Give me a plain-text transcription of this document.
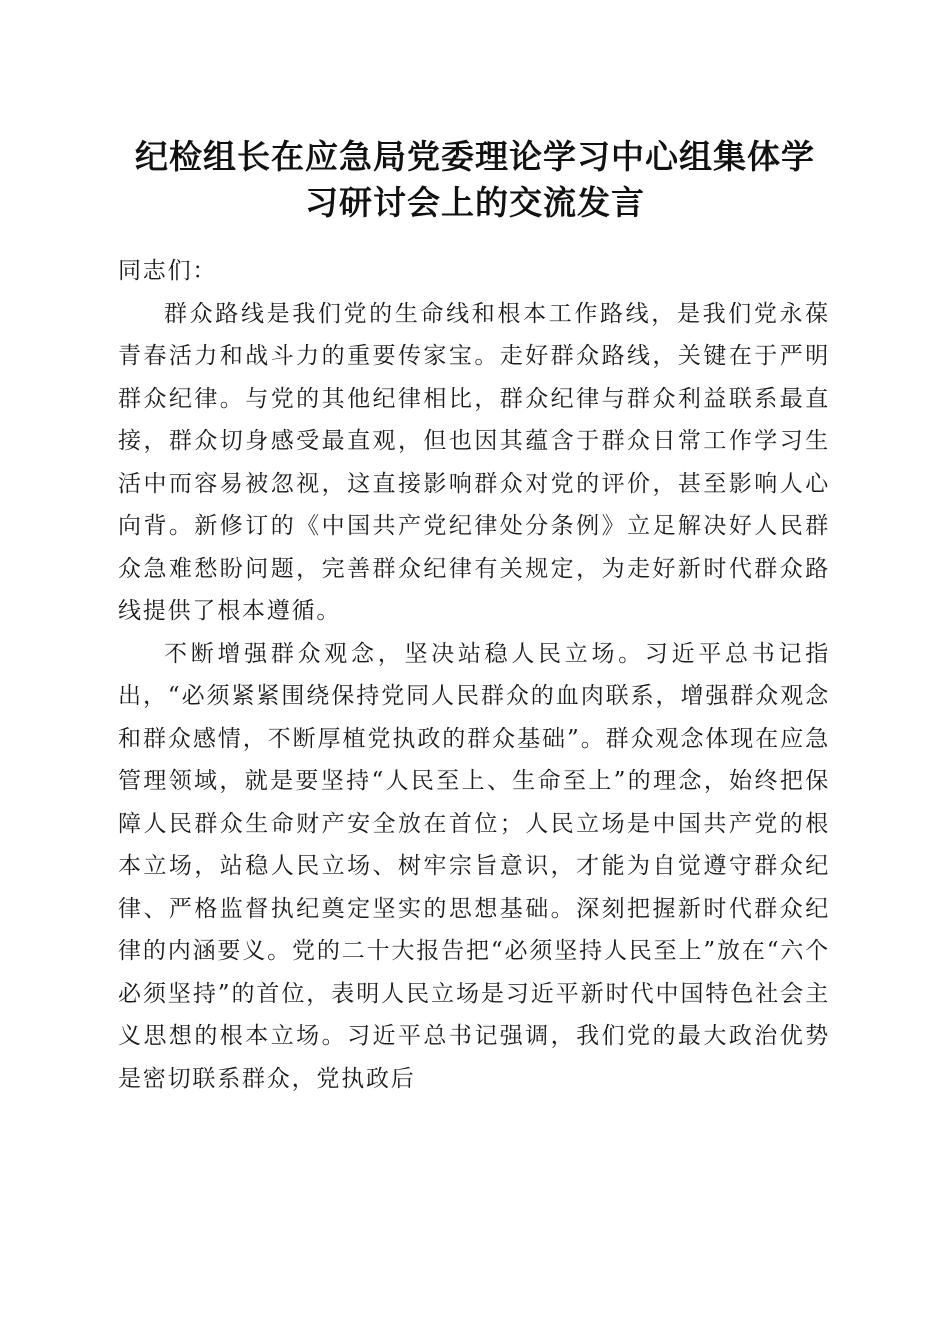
纪检组长在应急局党委理论学习中心组集体学
习研讨会上的交流发言

同志们：

群众路线是我们党的生命线和根本工作路线，是我们党永葆青春活力和战斗力的重要传家宝。走好群众路线，关键在于严明群众纪律。与党的其他纪律相比，群众纪律与群众利益联系最直接，群众切身感受最直观，但也因其蕴含于群众日常工作学习生活中而容易被忽视，这直接影响群众对党的评价，甚至影响人心向背。新修订的《中国共产党纪律处分条例》立足解决好人民群众急难愁盼问题，完善群众纪律有关规定，为走好新时代群众路线提供了根本遵循。

不断增强群众观念，坚决站稳人民立场。习近平总书记指出，“必须紧紧围绕保持党同人民群众的血肉联系，增强群众观念和群众感情，不断厚植党执政的群众基础”。群众观念体现在应急管理领域，就是要坚持“人民至上、生命至上”的理念，始终把保障人民群众生命财产安全放在首位；人民立场是中国共产党的根本立场，站稳人民立场、树牢宗旨意识，才能为自觉遵守群众纪律、严格监督执纪奠定坚实的思想基础。深刻把握新时代群众纪律的内涵要义。党的二十大报告把“必须坚持人民至上”放在“六个必须坚持”的首位，表明人民立场是习近平新时代中国特色社会主义思想的根本立场。习近平总书记强调，我们党的最大政治优势是密切联系群众，党执政后
